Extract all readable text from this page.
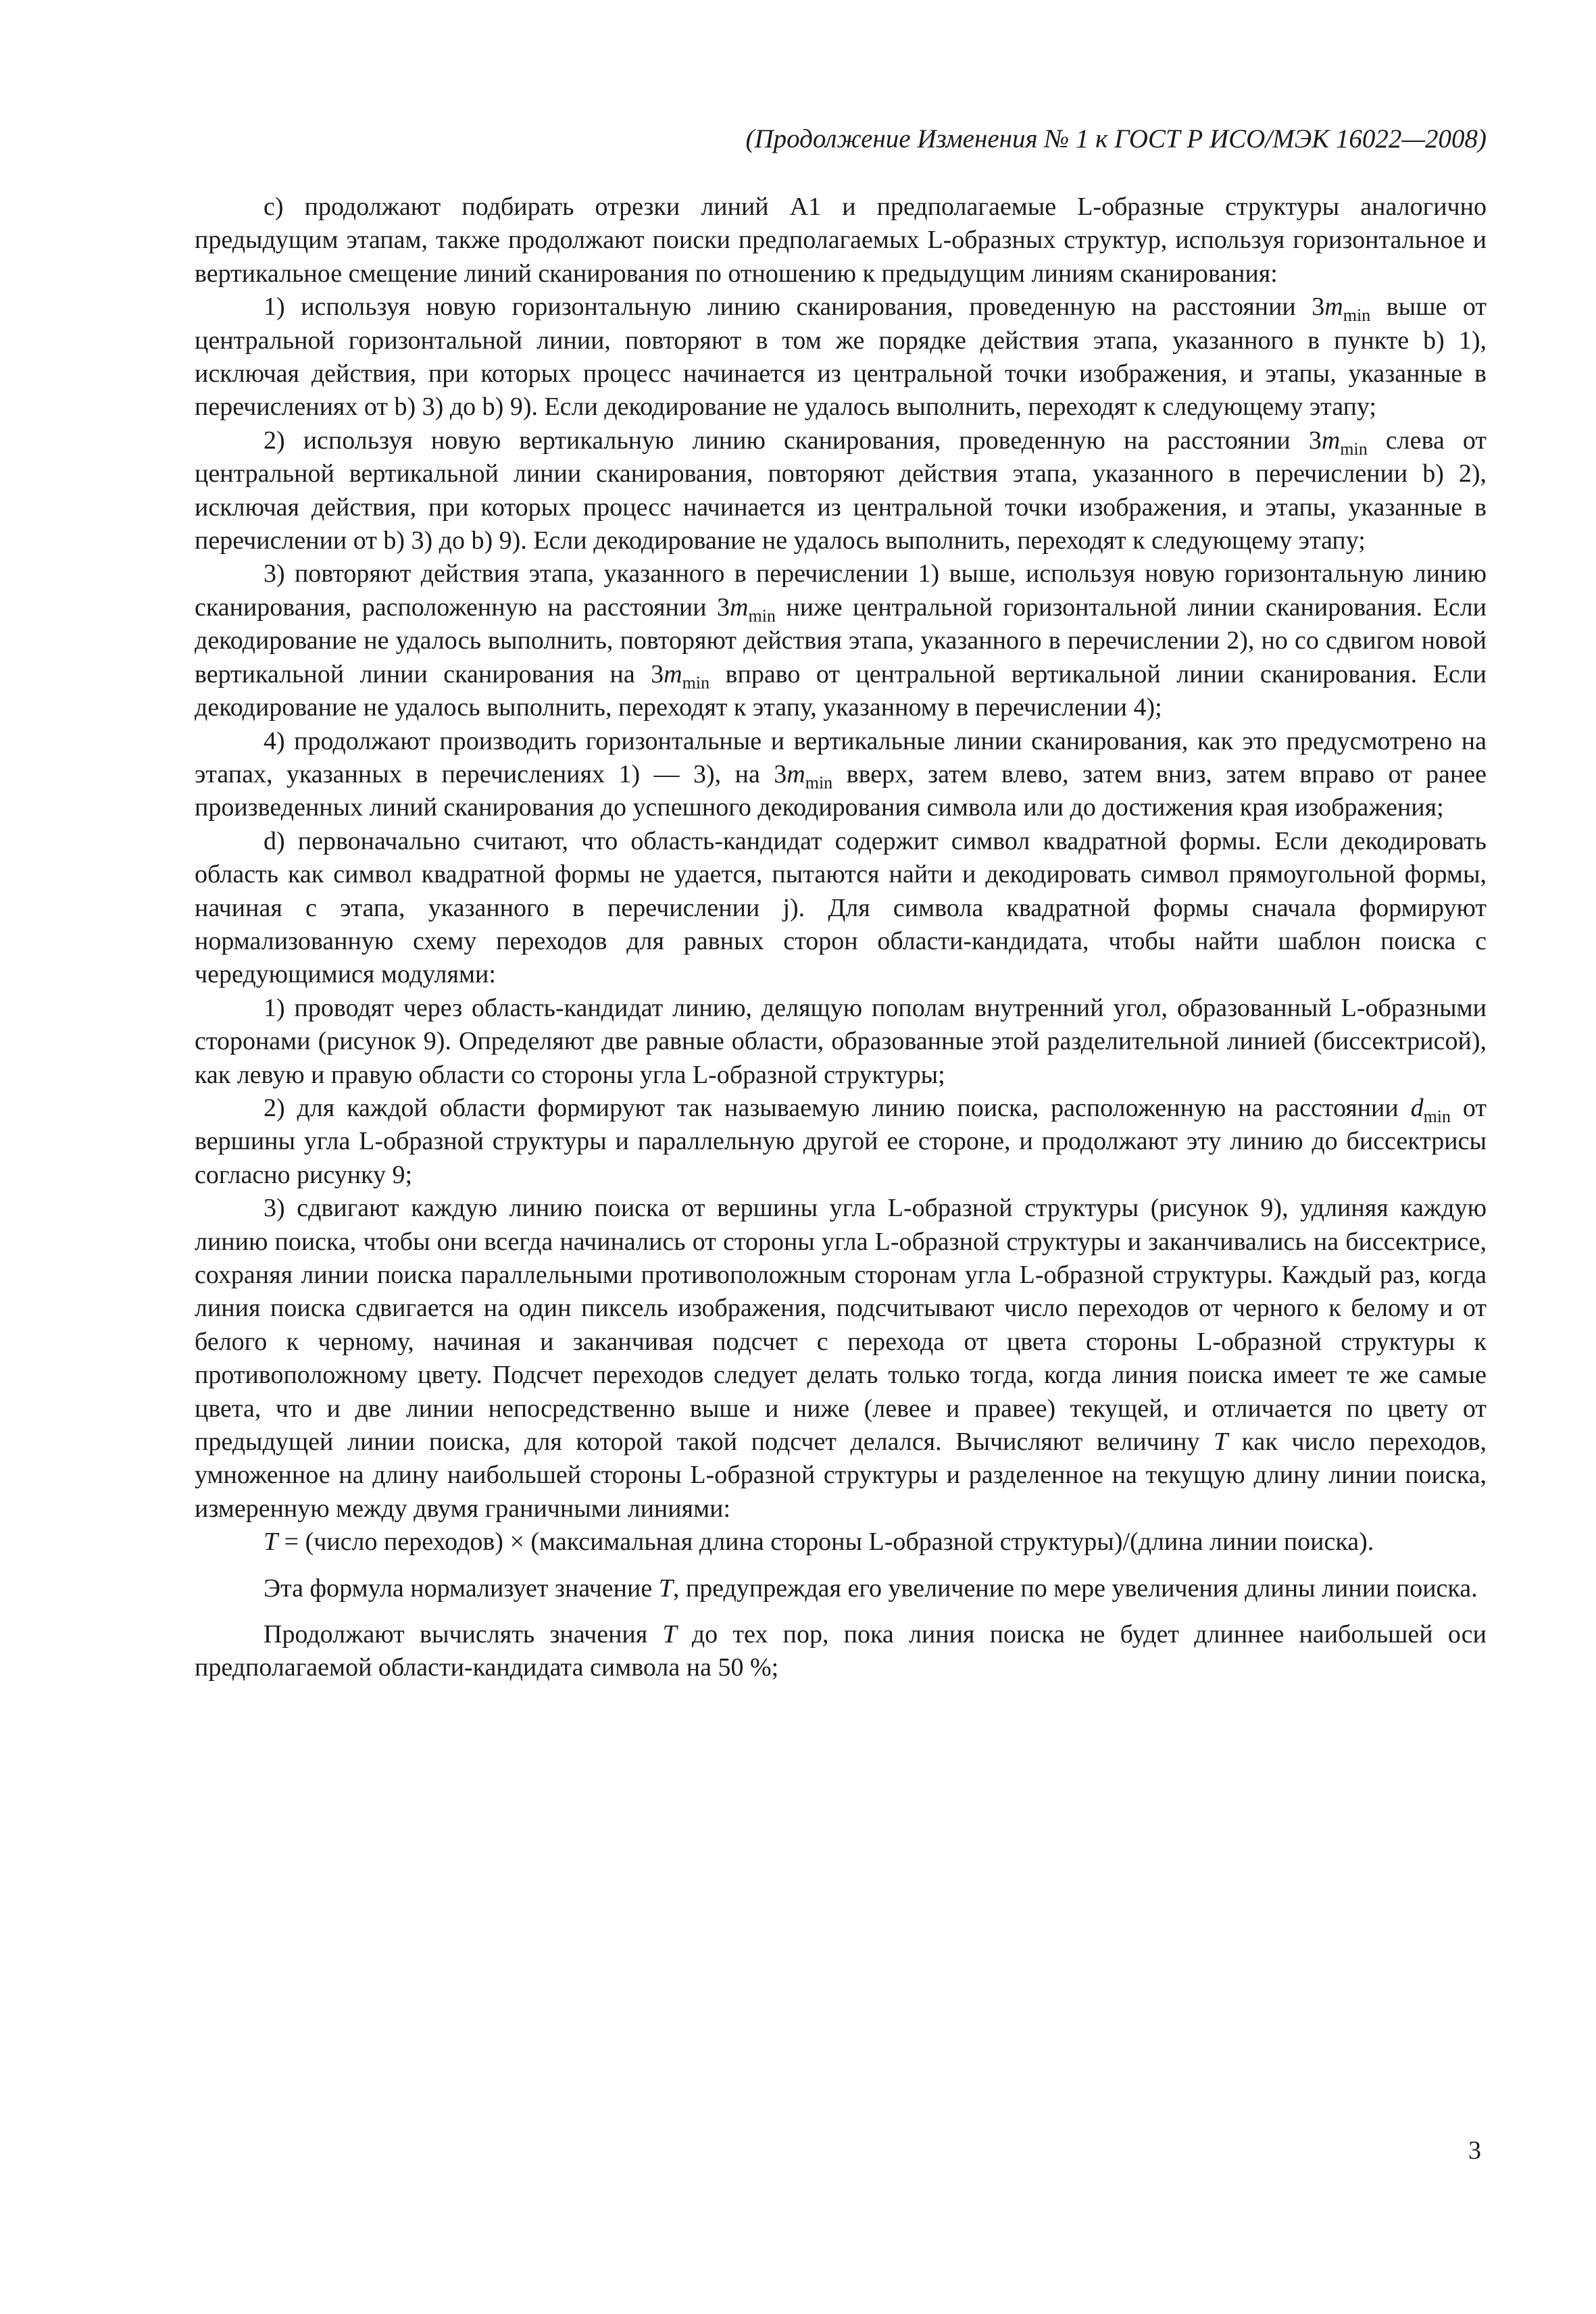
(Продолжение Изменения № 1 к ГОСТ Р ИСО/МЭК 16022—2008)

с) продолжают подбирать отрезки линий А1 и предполагаемые L-образные структуры аналогично предыдущим этапам, также продолжают поиски предполагаемых L-образных структур, используя горизонтальное и вертикальное смещение линий сканирования по отношению к предыдущим линиям сканирования:

1) используя новую горизонтальную линию сканирования, проведенную на расстоянии $3m_{min}$ выше от центральной горизонтальной линии, повторяют в том же порядке действия этапа, указанного в пункте b) 1), исключая действия, при которых процесс начинается из центральной точки изображения, и этапы, указанные в перечислениях от b) 3) до b) 9). Если декодирование не удалось выполнить, переходят к следующему этапу;

2) используя новую вертикальную линию сканирования, проведенную на расстоянии $3m_{min}$ слева от центральной вертикальной линии сканирования, повторяют действия этапа, указанного в перечислении b) 2), исключая действия, при которых процесс начинается из центральной точки изображения, и этапы, указанные в перечислении от b) 3) до b) 9). Если декодирование не удалось выполнить, переходят к следующему этапу;

3) повторяют действия этапа, указанного в перечислении 1) выше, используя новую горизонтальную линию сканирования, расположенную на расстоянии $3m_{min}$ ниже центральной горизонтальной линии сканирования. Если декодирование не удалось выполнить, повторяют действия этапа, указанного в перечислении 2), но со сдвигом новой вертикальной линии сканирования на $3m_{min}$ вправо от центральной вертикальной линии сканирования. Если декодирование не удалось выполнить, переходят к этапу, указанному в перечислении 4);

4) продолжают производить горизонтальные и вертикальные линии сканирования, как это предусмотрено на этапах, указанных в перечислениях 1) — 3), на $3m_{min}$ вверх, затем влево, затем вниз, затем вправо от ранее произведенных линий сканирования до успешного декодирования символа или до достижения края изображения;

d) первоначально считают, что область-кандидат содержит символ квадратной формы. Если декодировать область как символ квадратной формы не удается, пытаются найти и декодировать символ прямоугольной формы, начиная с этапа, указанного в перечислении j). Для символа квадратной формы сначала формируют нормализованную схему переходов для равных сторон области-кандидата, чтобы найти шаблон поиска с чередующимися модулями:

1) проводят через область-кандидат линию, делящую пополам внутренний угол, образованный L-образными сторонами (рисунок 9). Определяют две равные области, образованные этой разделительной линией (биссектрисой), как левую и правую области со стороны угла L-образной структуры;

2) для каждой области формируют так называемую линию поиска, расположенную на расстоянии $d_{min}$ от вершины угла L-образной структуры и параллельную другой ее стороне, и продолжают эту линию до биссектрисы согласно рисунку 9;

3) сдвигают каждую линию поиска от вершины угла L-образной структуры (рисунок 9), удлиняя каждую линию поиска, чтобы они всегда начинались от стороны угла L-образной структуры и заканчивались на биссектрисе, сохраняя линии поиска параллельными противоположным сторонам угла L-образной структуры. Каждый раз, когда линия поиска сдвигается на один пиксель изображения, подсчитывают число переходов от черного к белому и от белого к черному, начиная и заканчивая подсчет с перехода от цвета стороны L-образной структуры к противоположному цвету. Подсчет переходов следует делать только тогда, когда линия поиска имеет те же самые цвета, что и две линии непосредственно выше и ниже (левее и правее) текущей, и отличается по цвету от предыдущей линии поиска, для которой такой подсчет делался. Вычисляют величину T как число переходов, умноженное на длину наибольшей стороны L-образной структуры и разделенное на текущую длину линии поиска, измеренную между двумя граничными линиями:

T = (число переходов) × (максимальная длина стороны L-образной структуры)/(длина линии поиска).

Эта формула нормализует значение T, предупреждая его увеличение по мере увеличения длины линии поиска.

Продолжают вычислять значения T до тех пор, пока линия поиска не будет длиннее наибольшей оси предполагаемой области-кандидата символа на 50 %;

3
